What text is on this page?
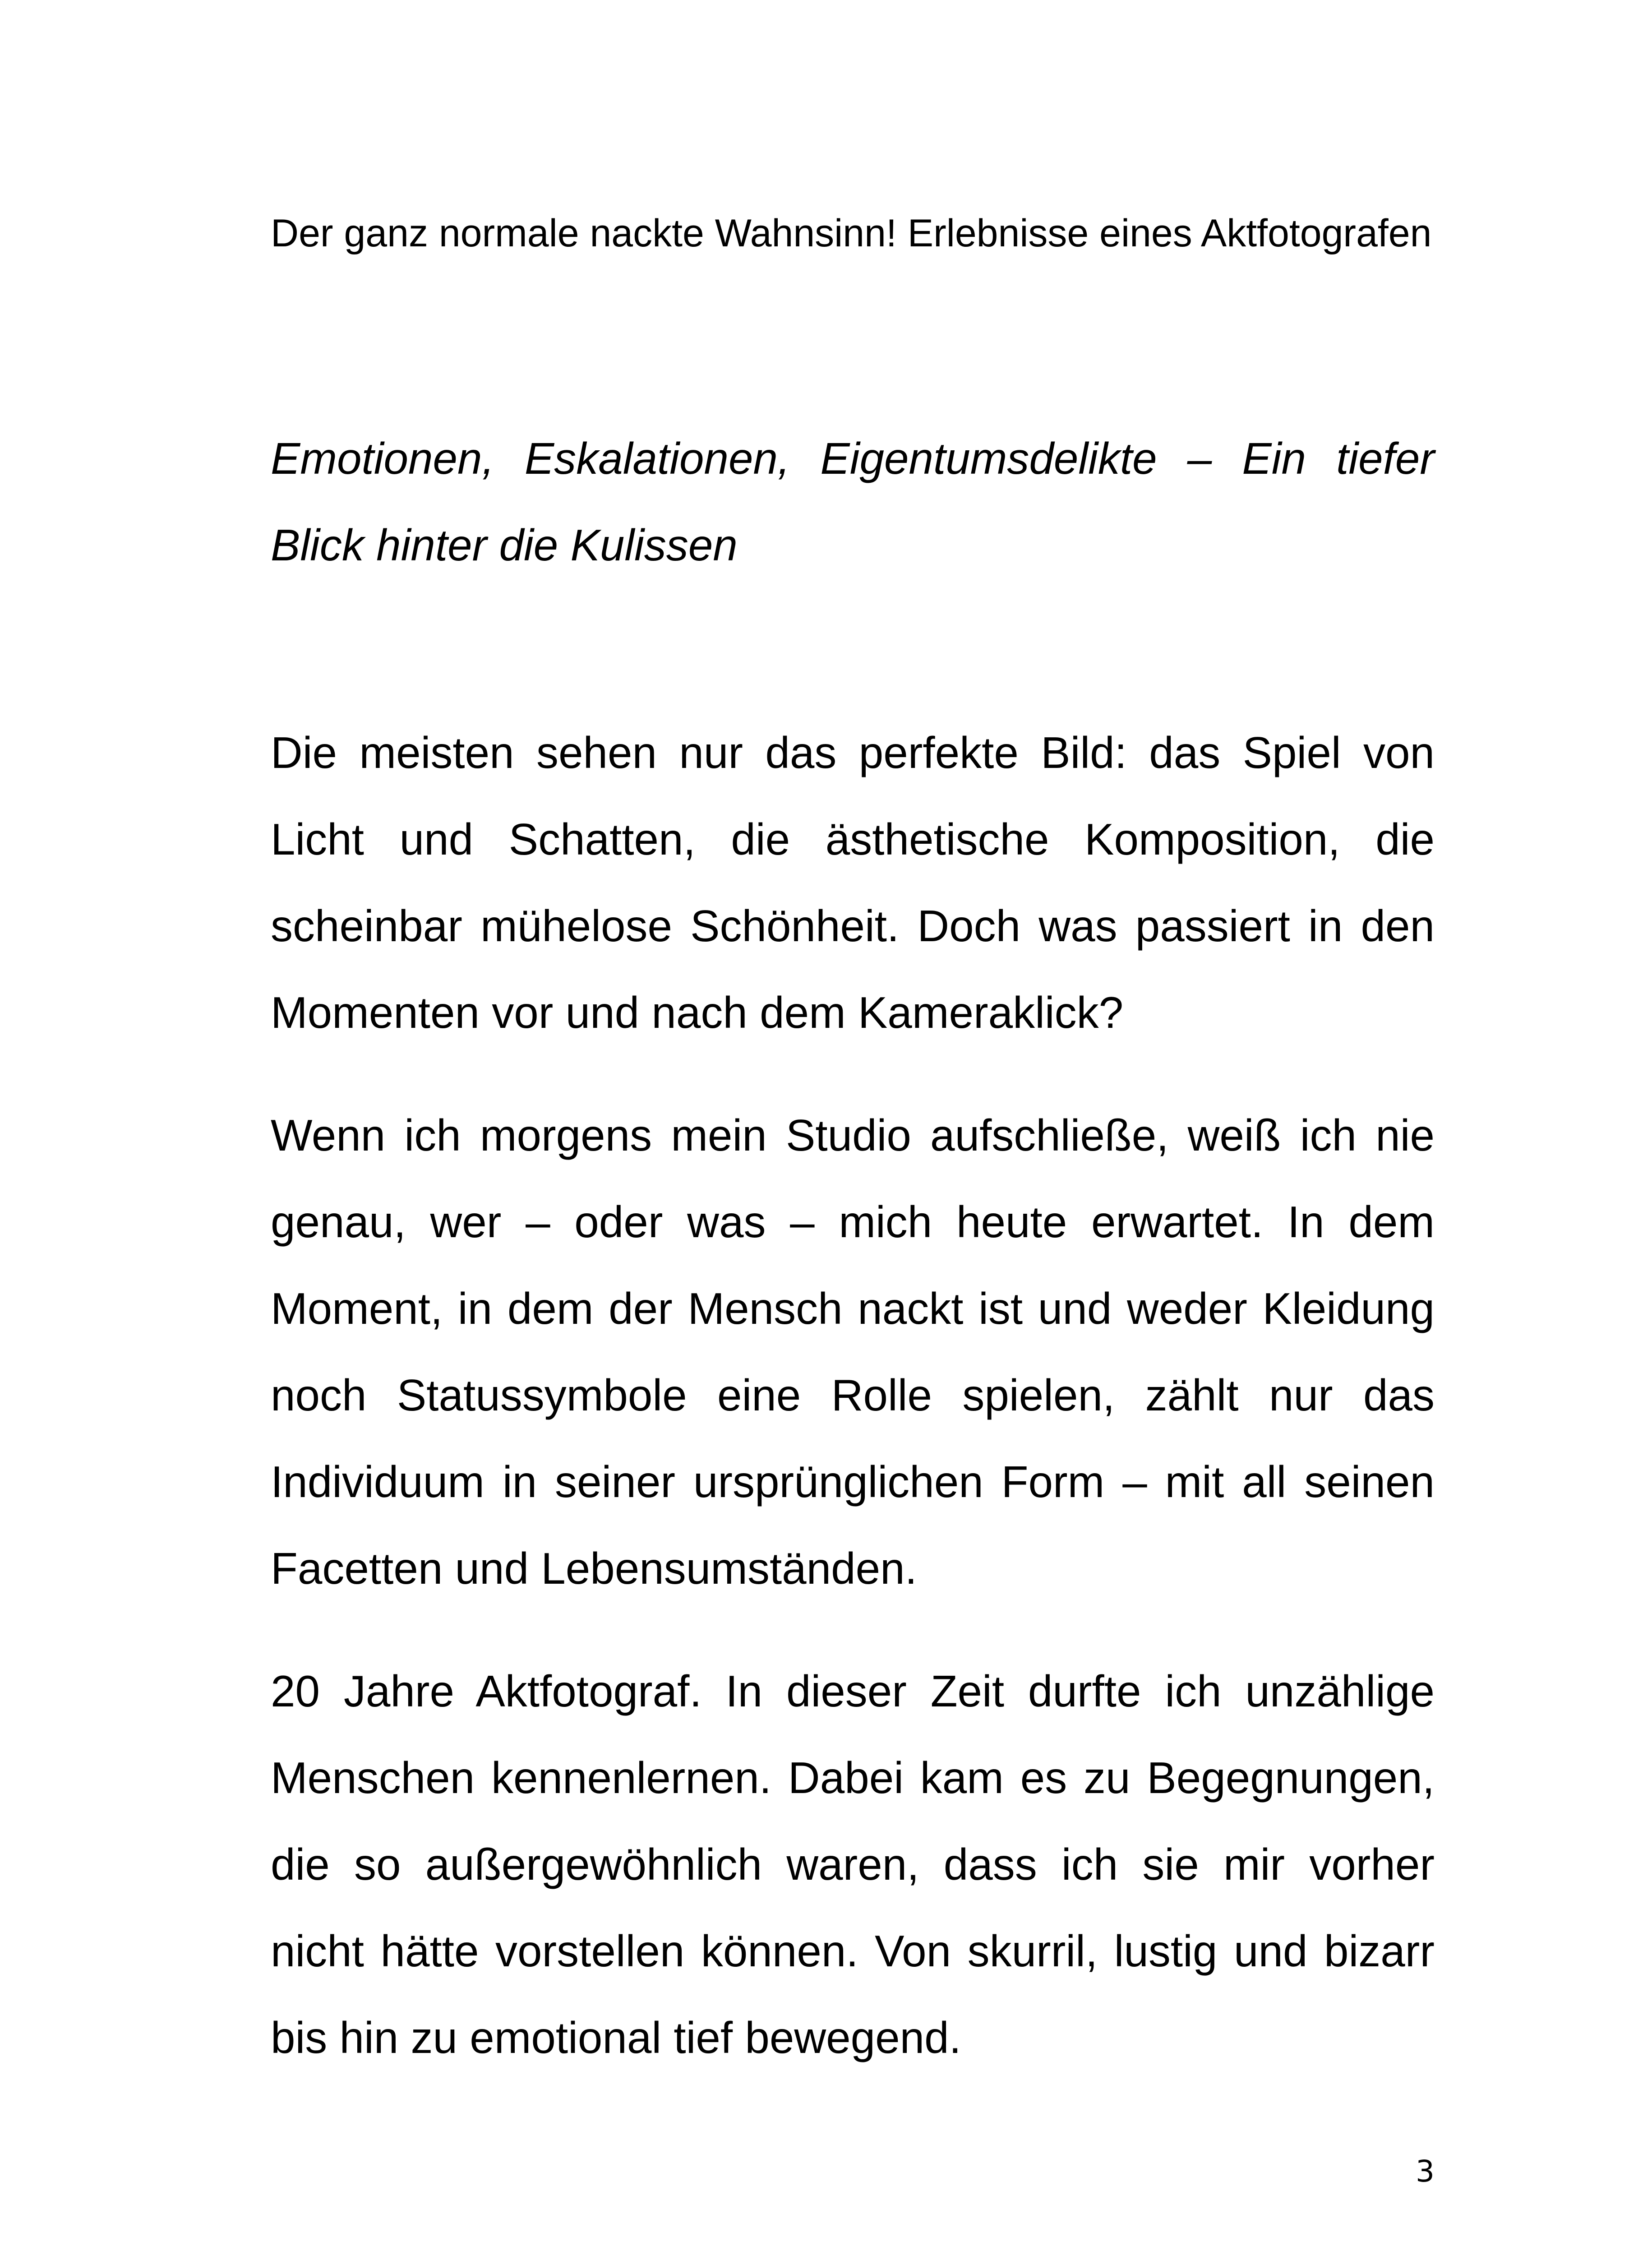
Der ganz normale nackte Wahnsinn! Erlebnisse eines Aktfotografen

Emotionen, Eskalationen, Eigentumsdelikte – Ein tiefer Blick hinter die Kulissen

Die meisten sehen nur das perfekte Bild: das Spiel von Licht und Schatten, die ästhetische Komposition, die scheinbar mühelose Schönheit. Doch was passiert in den Momenten vor und nach dem Kameraklick?

Wenn ich morgens mein Studio aufschließe, weiß ich nie genau, wer – oder was – mich heute erwartet. In dem Moment, in dem der Mensch nackt ist und weder Kleidung noch Statussymbole eine Rolle spielen, zählt nur das Individuum in seiner ursprünglichen Form – mit all seinen Facetten und Lebensumständen.

20 Jahre Aktfotograf. In dieser Zeit durfte ich unzählige Menschen kennenlernen. Dabei kam es zu Begegnungen, die so außergewöhnlich waren, dass ich sie mir vorher nicht hätte vorstellen können. Von skurril, lustig und bizarr bis hin zu emotional tief bewegend.

3
